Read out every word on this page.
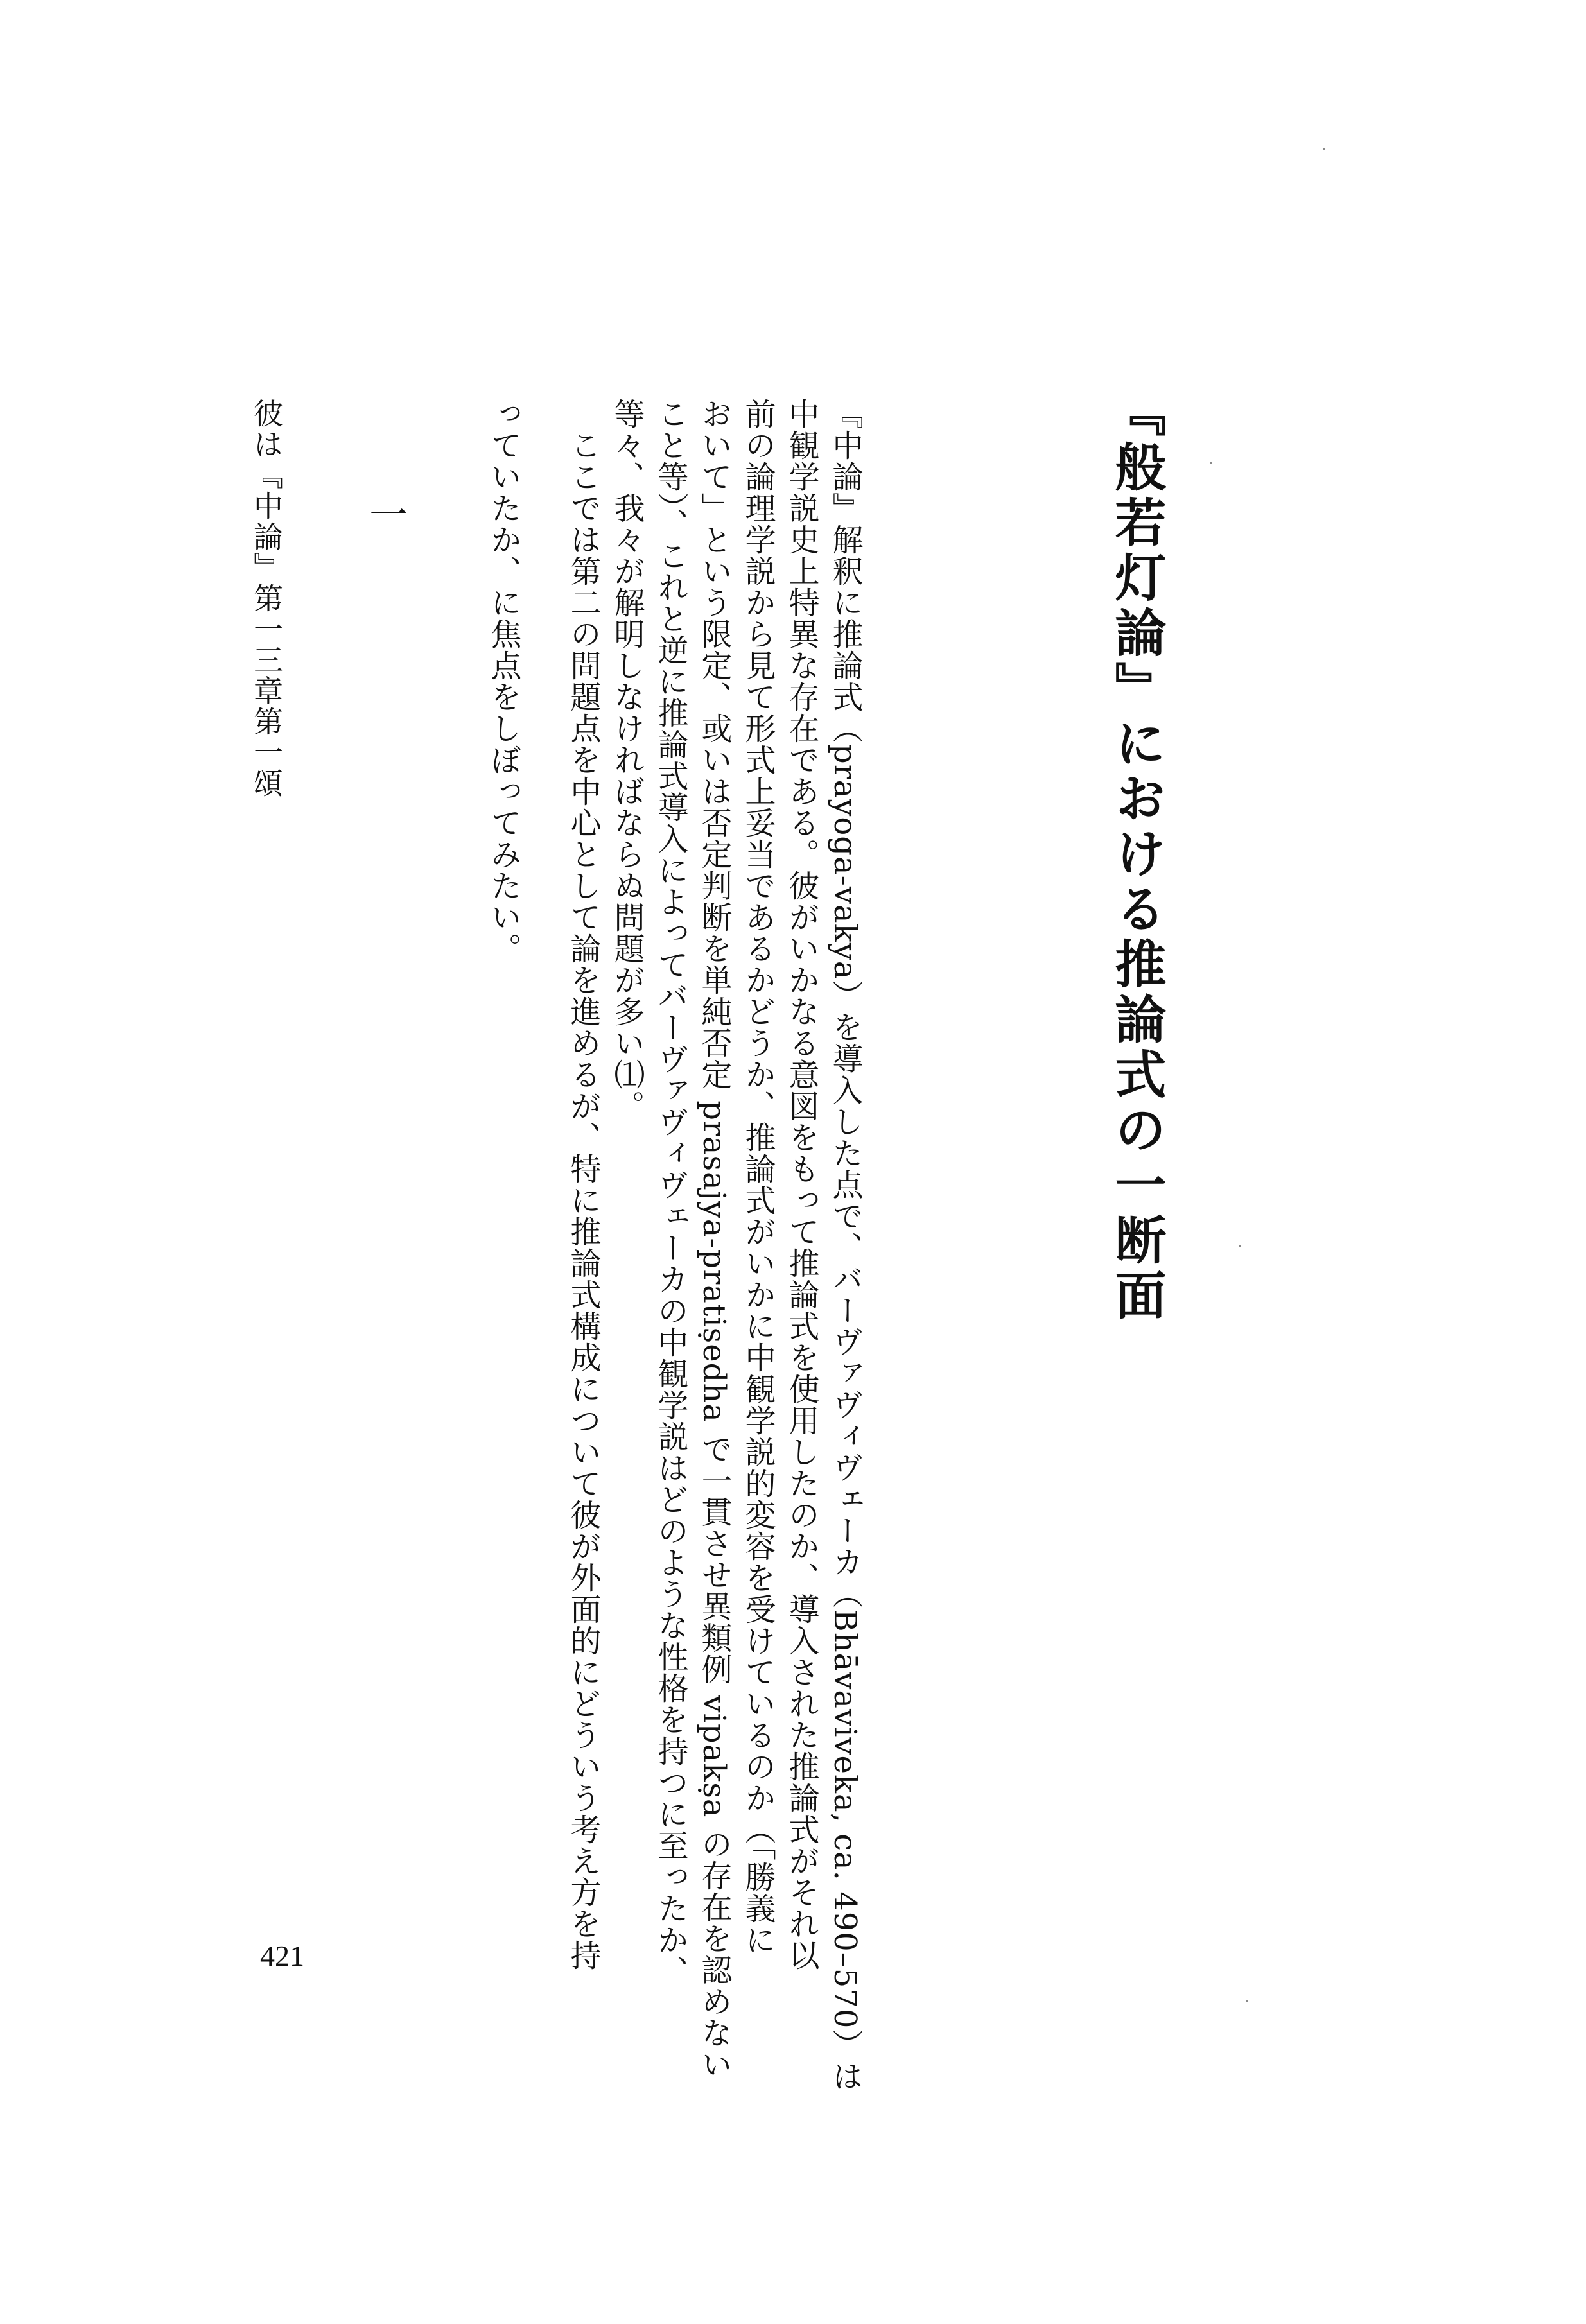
『般若灯論』における推論式の一断面
『中論』解釈に推論式（prayoga-vakya）を導入した点で、バーヴァヴィヴェーカ（Bhāvaviveka, ca. 490–570）は
中観学説史上特異な存在である。彼がいかなる意図をもって推論式を使用したのか、導入された推論式がそれ以
前の論理学説から見て形式上妥当であるかどうか、推論式がいかに中観学説的変容を受けているのか（「勝義に
おいて」という限定、或いは否定判断を単純否定 prasajya-pratiṣedha で一貫させ異類例 vipakṣa の存在を認めない
こと等）、これと逆に推論式導入によってバーヴァヴィヴェーカの中観学説はどのような性格を持つに至ったか、
等々、我々が解明しなければならぬ問題が多い⑴。
　ここでは第二の問題点を中心として論を進めるが、特に推論式構成について彼が外面的にどういう考え方を持
っていたか、に焦点をしぼってみたい。
一
彼は『中論』第一三章第一頌
421
